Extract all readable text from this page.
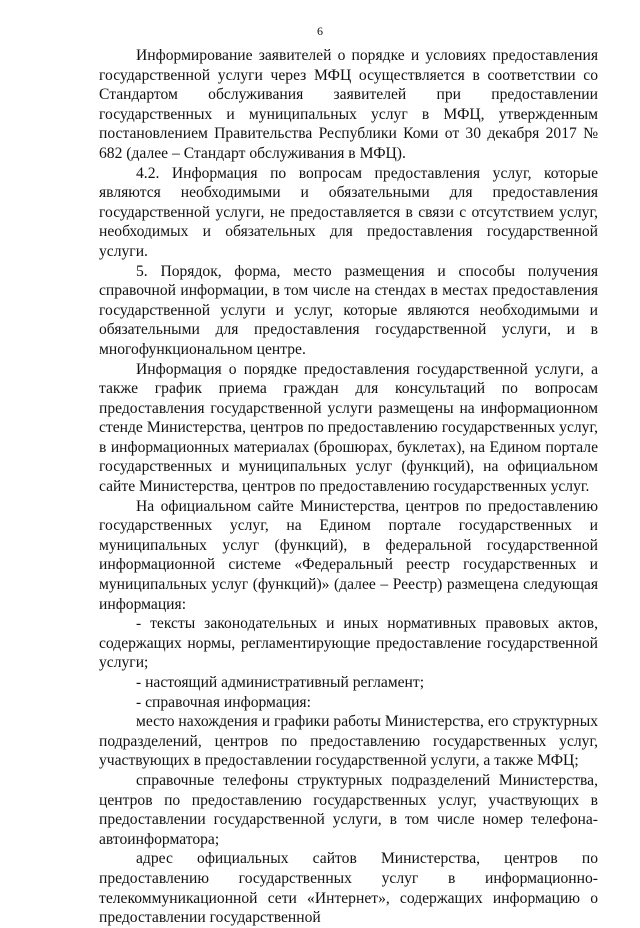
6

Информирование заявителей о порядке и условиях предоставления государственной услуги через МФЦ осуществляется в соответствии со Стандартом обслуживания заявителей при предоставлении государственных и муниципальных услуг в МФЦ, утвержденным постановлением Правительства Республики Коми от 30 декабря 2017 № 682 (далее – Стандарт обслуживания в МФЦ).

4.2. Информация по вопросам предоставления услуг, которые являются необходимыми и обязательными для предоставления государственной услуги, не предоставляется в связи с отсутствием услуг, необходимых и обязательных для предоставления государственной услуги.

5. Порядок, форма, место размещения и способы получения справочной информации, в том числе на стендах в местах предоставления государственной услуги и услуг, которые являются необходимыми и обязательными для предоставления государственной услуги, и в многофункциональном центре.

Информация о порядке предоставления государственной услуги, а также график приема граждан для консультаций по вопросам предоставления государственной услуги размещены на информационном стенде Министерства, центров по предоставлению государственных услуг, в информационных материалах (брошюрах, буклетах), на Едином портале государственных и муниципальных услуг (функций), на официальном сайте Министерства, центров по предоставлению государственных услуг.

На официальном сайте Министерства, центров по предоставлению государственных услуг, на Едином портале государственных и муниципальных услуг (функций), в федеральной государственной информационной системе «Федеральный реестр государственных и муниципальных услуг (функций)» (далее – Реестр) размещена следующая информация:

- тексты законодательных и иных нормативных правовых актов, содержащих нормы, регламентирующие предоставление государственной услуги;

- настоящий административный регламент;

- справочная информация:

место нахождения и графики работы Министерства, его структурных подразделений, центров по предоставлению государственных услуг, участвующих в предоставлении государственной услуги, а также МФЦ;

справочные телефоны структурных подразделений Министерства, центров по предоставлению государственных услуг, участвующих в предоставлении государственной услуги, в том числе номер телефона-автоинформатора;

адрес официальных сайтов Министерства, центров по предоставлению государственных услуг в информационно-телекоммуникационной сети «Интернет», содержащих информацию о предоставлении государственной
